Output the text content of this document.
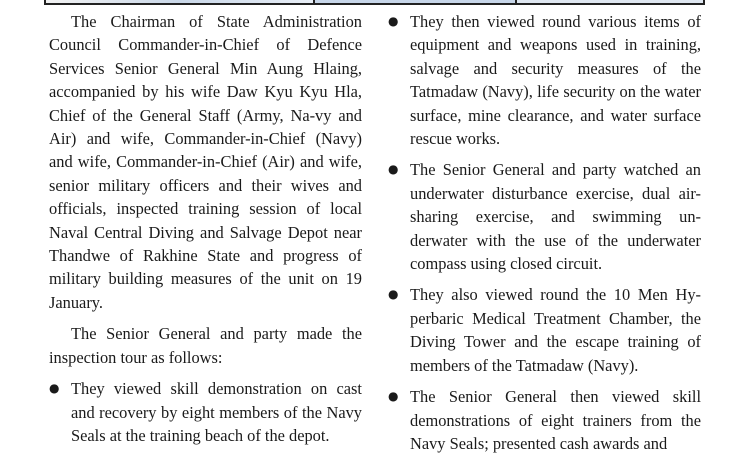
The Chairman of State Administration Council Commander-in-Chief of Defence Services Senior General Min Aung Hlaing, accompanied by his wife Daw Kyu Kyu Hla, Chief of the General Staff (Army, Na-vy and Air) and wife, Commander-in-Chief (Navy) and wife, Commander-in-Chief (Air) and wife, senior military officers and their wives and officials, inspected training session of local Naval Central Diving and Salvage Depot near Thandwe of Rakhine State and progress of military building measures of the unit on 19 January.

The Senior General and party made the inspection tour as follows:

● They viewed skill demonstration on cast and recovery by eight members of the Navy Seals at the training beach of the depot.
● They then viewed round various items of equipment and weapons used in training, salvage and security measures of the Tatmadaw (Navy), life security on the water surface, mine clearance, and water surface rescue works.
● The Senior General and party watched an underwater disturbance exercise, dual air-sharing exercise, and swimming un-derwater with the use of the underwater compass using closed circuit.
● They also viewed round the 10 Men Hy-perbaric Medical Treatment Chamber, the Diving Tower and the escape training of members of the Tatmadaw (Navy).
● The Senior General then viewed skill demonstrations of eight trainers from the Navy Seals; presented cash awards and
